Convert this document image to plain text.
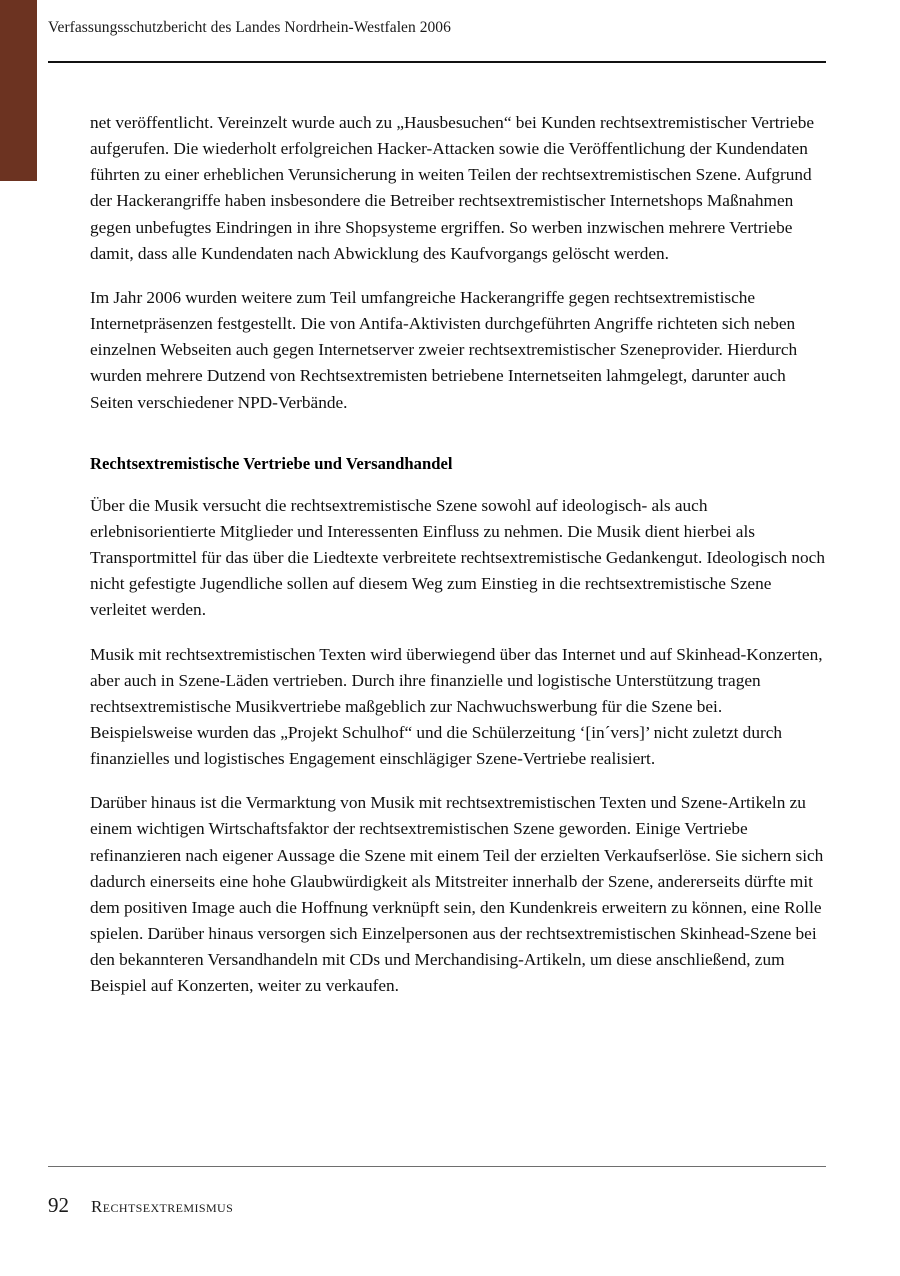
Verfassungsschutzbericht des Landes Nordrhein-Westfalen 2006

net veröffentlicht. Vereinzelt wurde auch zu „Hausbesuchen“ bei Kunden rechtsextremistischer Vertriebe aufgerufen. Die wiederholt erfolgreichen Hacker-Attacken sowie die Veröffentlichung der Kundendaten führten zu einer erheblichen Verunsicherung in weiten Teilen der rechtsextremistischen Szene. Aufgrund der Hackerangriffe haben insbesondere die Betreiber rechtsextremistischer Internetshops Maßnahmen gegen unbefugtes Eindringen in ihre Shopsysteme ergriffen. So werben inzwischen mehrere Vertriebe damit, dass alle Kundendaten nach Abwicklung des Kaufvorgangs gelöscht werden.

Im Jahr 2006 wurden weitere zum Teil umfangreiche Hackerangriffe gegen rechtsextremistische Internetpräsenzen festgestellt. Die von Antifa-Aktivisten durchgeführten Angriffe richteten sich neben einzelnen Webseiten auch gegen Internetserver zweier rechtsextremistischer Szeneprovider. Hierdurch wurden mehrere Dutzend von Rechtsextremisten betriebene Internetseiten lahmgelegt, darunter auch Seiten verschiedener NPD-Verbände.

Rechtsextremistische Vertriebe und Versandhandel

Über die Musik versucht die rechtsextremistische Szene sowohl auf ideologisch- als auch erlebnisorientierte Mitglieder und Interessenten Einfluss zu nehmen. Die Musik dient hierbei als Transportmittel für das über die Liedtexte verbreitete rechtsextremistische Gedankengut. Ideologisch noch nicht gefestigte Jugendliche sollen auf diesem Weg zum Einstieg in die rechtsextremistische Szene verleitet werden.

Musik mit rechtsextremistischen Texten wird überwiegend über das Internet und auf Skinhead-Konzerten, aber auch in Szene-Läden vertrieben. Durch ihre finanzielle und logistische Unterstützung tragen rechtsextremistische Musikvertriebe maßgeblich zur Nachwuchswerbung für die Szene bei. Beispielsweise wurden das „Projekt Schulhof“ und die Schülerzeitung ‘[in´vers]’ nicht zuletzt durch finanzielles und logistisches Engagement einschlägiger Szene-Vertriebe realisiert.

Darüber hinaus ist die Vermarktung von Musik mit rechtsextremistischen Texten und Szene-Artikeln zu einem wichtigen Wirtschaftsfaktor der rechtsextremistischen Szene geworden. Einige Vertriebe refinanzieren nach eigener Aussage die Szene mit einem Teil der erzielten Verkaufserlöse. Sie sichern sich dadurch einerseits eine hohe Glaubwürdigkeit als Mitstreiter innerhalb der Szene, andererseits dürfte mit dem positiven Image auch die Hoffnung verknüpft sein, den Kundenkreis erweitern zu können, eine Rolle spielen. Darüber hinaus versorgen sich Einzelpersonen aus der rechtsextremistischen Skinhead-Szene bei den bekannteren Versandhandeln mit CDs und Merchandising-Artikeln, um diese anschließend, zum Beispiel auf Konzerten, weiter zu verkaufen.

92 Rechtsextremismus
